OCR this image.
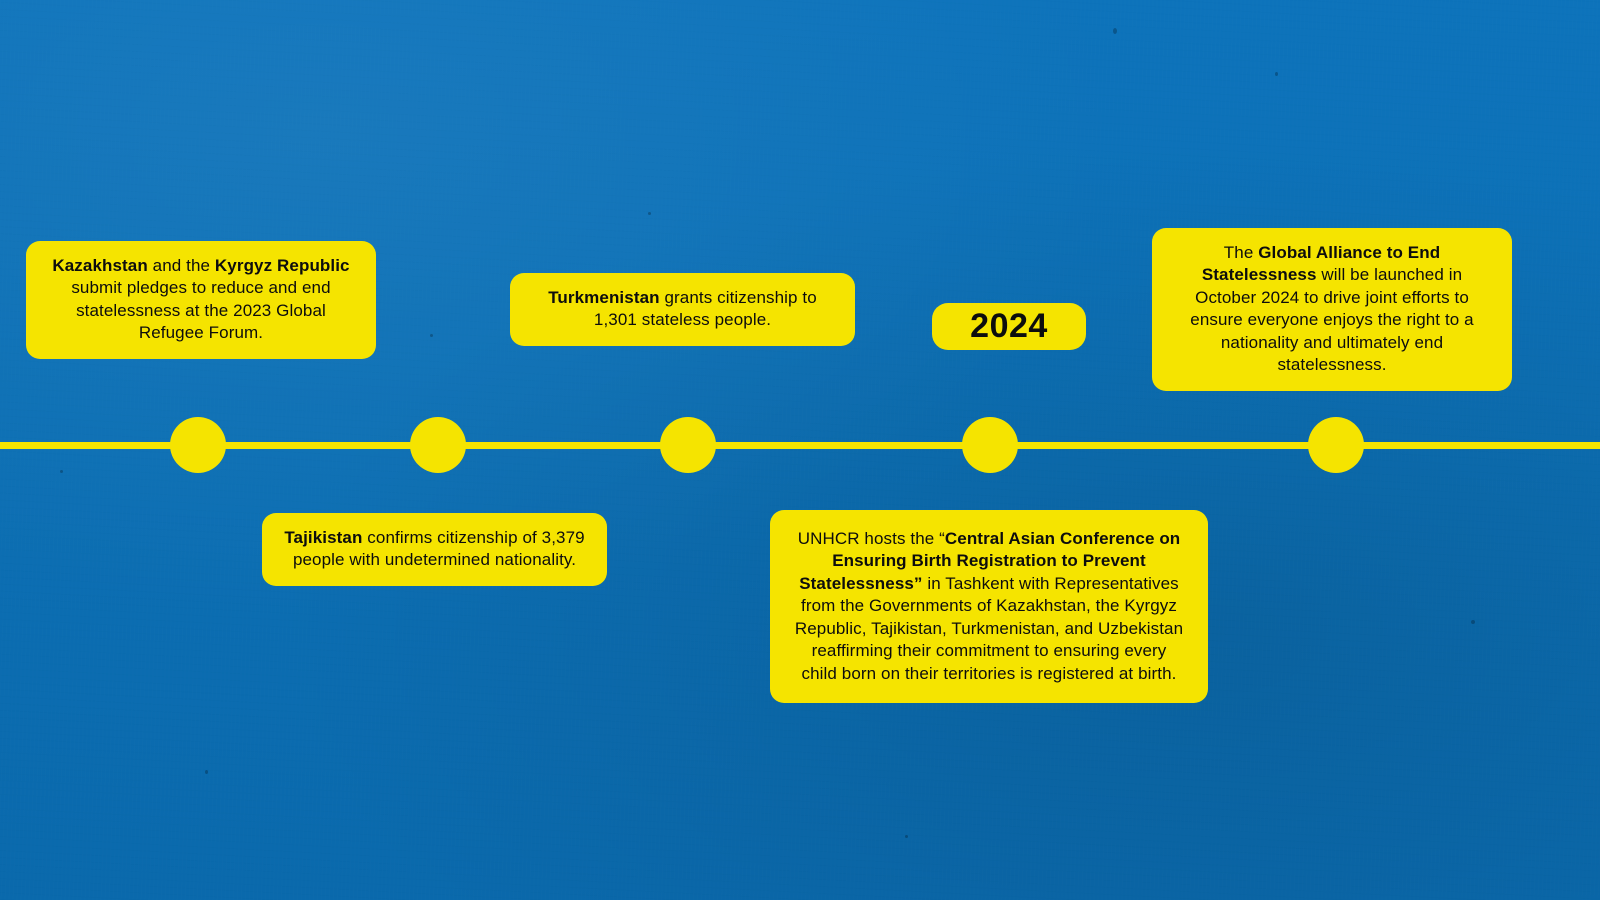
2024
Kazakhstan and the Kyrgyz Republic submit pledges to reduce and end statelessness at the 2023 Global Refugee Forum.
Turkmenistan grants citizenship to 1,301 stateless people.
The Global Alliance to End Statelessness will be launched in October 2024 to drive joint efforts to ensure everyone enjoys the right to a nationality and ultimately end statelessness.
Tajikistan confirms citizenship of 3,379 people with undetermined nationality.
UNHCR hosts the “Central Asian Conference on Ensuring Birth Registration to Prevent Statelessness” in Tashkent with Representatives from the Governments of Kazakhstan, the Kyrgyz Republic, Tajikistan, Turkmenistan, and Uzbekistan reaffirming their commitment to ensuring every child born on their territories is registered at birth.
